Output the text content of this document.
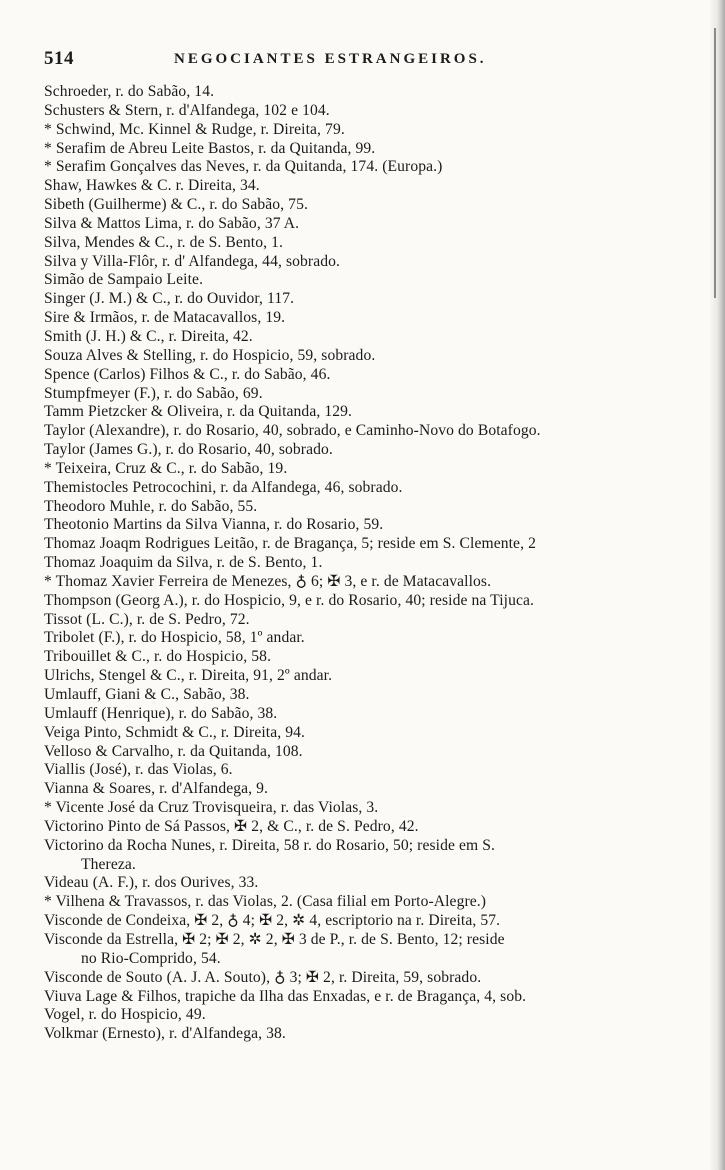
514	NEGOCIANTES ESTRANGEIROS.
Schroeder, r. do Sabão, 14.
Schusters & Stern, r. d'Alfandega, 102 e 104.
* Schwind, Mc. Kinnel & Rudge, r. Direita, 79.
* Serafim de Abreu Leite Bastos, r. da Quitanda, 99.
* Serafim Gonçalves das Neves, r. da Quitanda, 174. (Europa.)
Shaw, Hawkes & C. r. Direita, 34.
Sibeth (Guilherme) & C., r. do Sabão, 75.
Silva & Mattos Lima, r. do Sabão, 37 A.
Silva, Mendes & C., r. de S. Bento, 1.
Silva y Villa-Flôr, r. d' Alfandega, 44, sobrado.
Simão de Sampaio Leite.
Singer (J. M.) & C., r. do Ouvidor, 117.
Sire & Irmãos, r. de Matacavallos, 19.
Smith (J. H.) & C., r. Direita, 42.
Souza Alves & Stelling, r. do Hospicio, 59, sobrado.
Spence (Carlos) Filhos & C., r. do Sabão, 46.
Stumpfmeyer (F.), r. do Sabão, 69.
Tamm Pietzcker & Oliveira, r. da Quitanda, 129.
Taylor (Alexandre), r. do Rosario, 40, sobrado, e Caminho-Novo do Botafogo.
Taylor (James G.), r. do Rosario, 40, sobrado.
* Teixeira, Cruz & C., r. do Sabão, 19.
Themistocles Petrocochini, r. da Alfandega, 46, sobrado.
Theodoro Muhle, r. do Sabão, 55.
Theotonio Martins da Silva Vianna, r. do Rosario, 59.
Thomaz Joaqm Rodrigues Leitão, r. de Bragança, 5; reside em S. Clemente, 2
Thomaz Joaquim da Silva, r. de S. Bento, 1.
* Thomaz Xavier Ferreira de Menezes, ♁ 6; ✠ 3, e r. de Matacavallos.
Thompson (Georg A.), r. do Hospicio, 9, e r. do Rosario, 40; reside na Tijuca.
Tissot (L. C.), r. de S. Pedro, 72.
Tribolet (F.), r. do Hospicio, 58, 1º andar.
Tribouillet & C., r. do Hospicio, 58.
Ulrichs, Stengel & C., r. Direita, 91, 2º andar.
Umlauff, Giani & C., Sabão, 38.
Umlauff (Henrique), r. do Sabão, 38.
Veiga Pinto, Schmidt & C., r. Direita, 94.
Velloso & Carvalho, r. da Quitanda, 108.
Viallis (José), r. das Violas, 6.
Vianna & Soares, r. d'Alfandega, 9.
* Vicente José da Cruz Trovisqueira, r. das Violas, 3.
Victorino Pinto de Sá Passos, ✠ 2, & C., r. de S. Pedro, 42.
Victorino da Rocha Nunes, r. Direita, 58 r. do Rosario, 50; reside em S.
Thereza.
Videau (A. F.), r. dos Ourives, 33.
* Vilhena & Travassos, r. das Violas, 2. (Casa filial em Porto-Alegre.)
Visconde de Condeixa, ✠ 2, ♁ 4; ✠ 2, ✲ 4, escriptorio na r. Direita, 57.
Visconde da Estrella, ✠ 2; ✠ 2, ✲ 2, ✠ 3 de P., r. de S. Bento, 12; reside
no Rio-Comprido, 54.
Visconde de Souto (A. J. A. Souto), ♁ 3; ✠ 2, r. Direita, 59, sobrado.
Viuva Lage & Filhos, trapiche da Ilha das Enxadas, e r. de Bragança, 4, sob.
Vogel, r. do Hospicio, 49.
Volkmar (Ernesto), r. d'Alfandega, 38.
